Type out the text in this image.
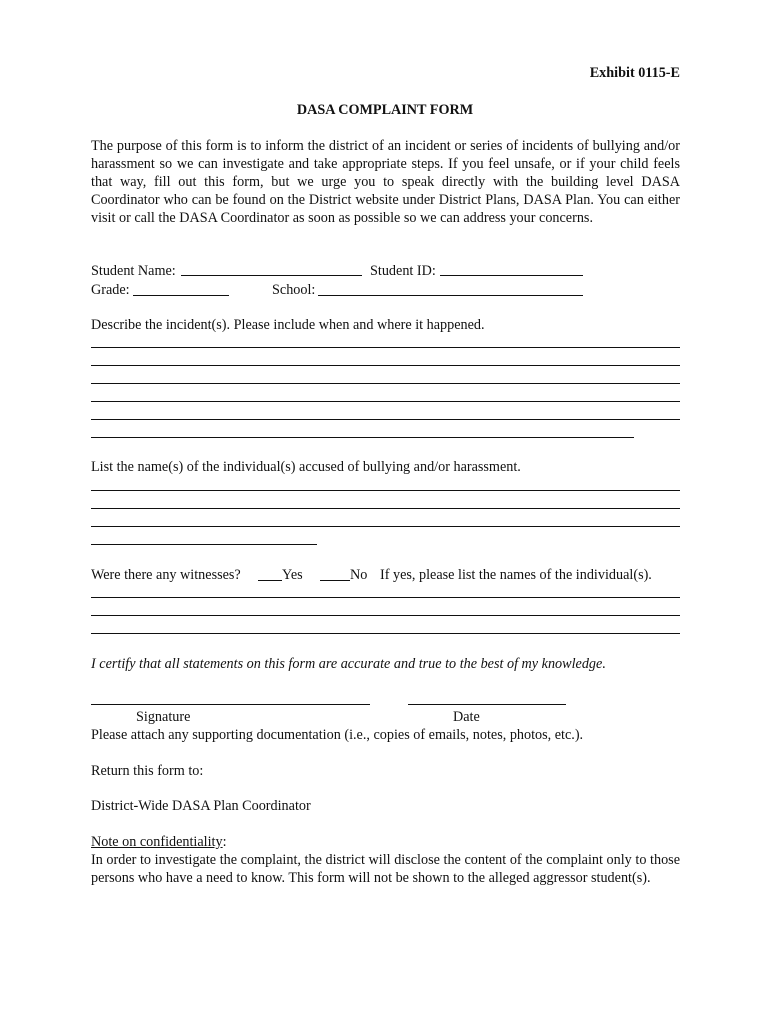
Exhibit 0115-E
DASA COMPLAINT FORM
The purpose of this form is to inform the district of an incident or series of incidents of bullying and/or harassment so we can investigate and take appropriate steps. If you feel unsafe, or if your child feels that way, fill out this form, but we urge you to speak directly with the building level DASA Coordinator who can be found on the District website under District Plans, DASA Plan. You can either visit or call the DASA Coordinator as soon as possible so we can address your concerns.
Student Name:	Student ID:
Grade:	School:
Describe the incident(s). Please include when and where it happened.
List the name(s) of the individual(s) accused of bullying and/or harassment.
Were there any witnesses?	Yes	No If yes, please list the names of the individual(s).
I certify that all statements on this form are accurate and true to the best of my knowledge.
Signature	Date
Please attach any supporting documentation (i.e., copies of emails, notes, photos, etc.).
Return this form to:
District-Wide DASA Plan Coordinator
Note on confidentiality:
In order to investigate the complaint, the district will disclose the content of the complaint only to those persons who have a need to know. This form will not be shown to the alleged aggressor student(s).
